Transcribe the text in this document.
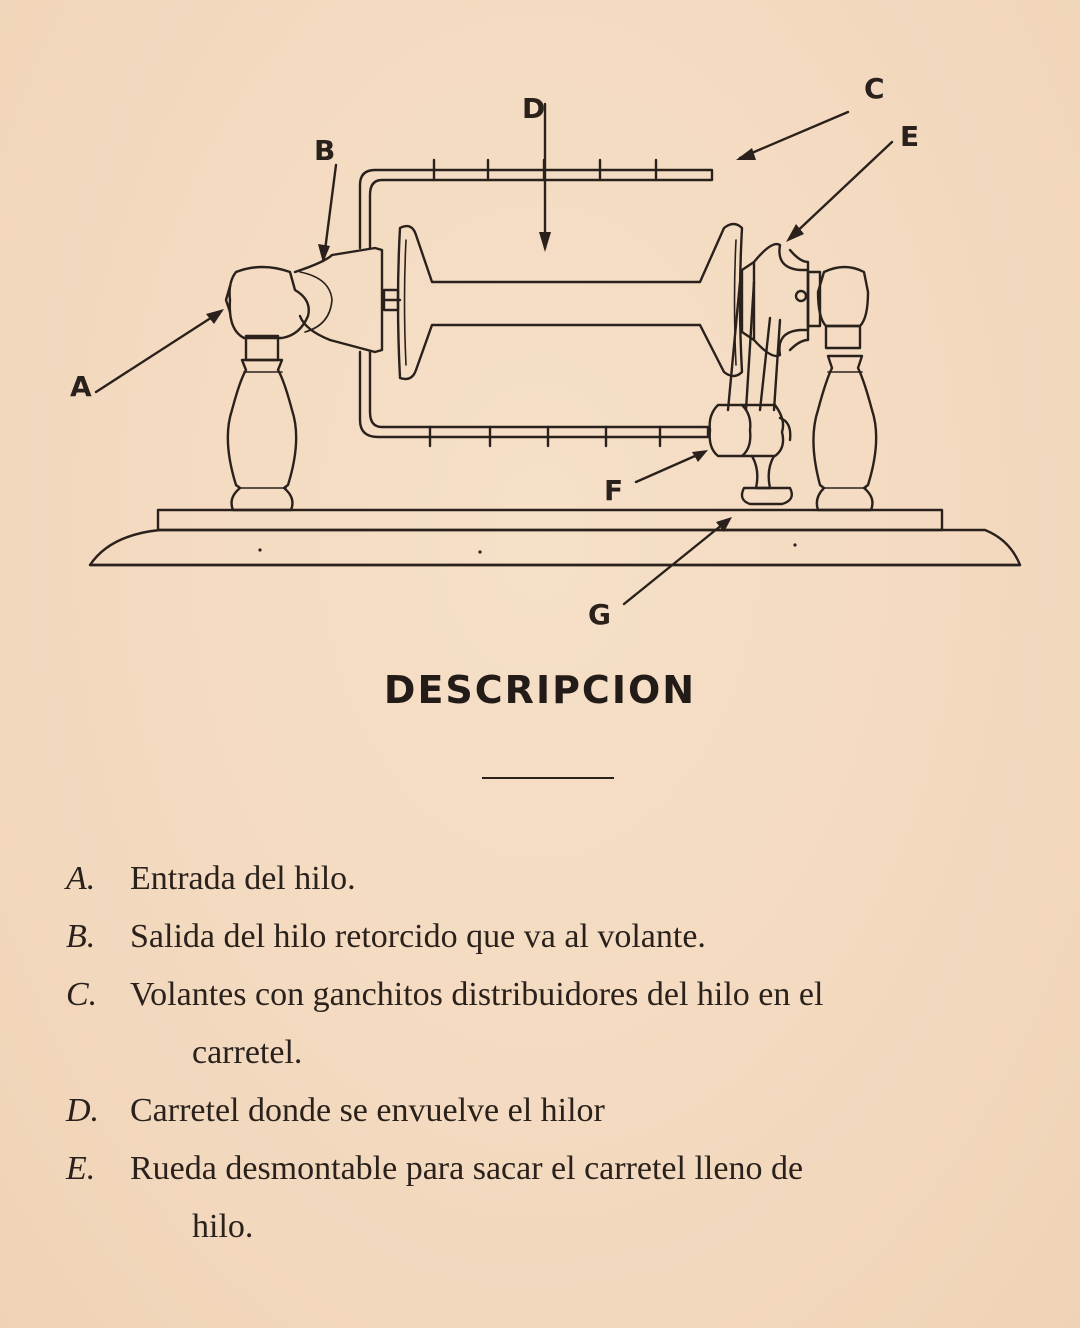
A
B
C
D
E
F
G
DESCRIPCION
A.	Entrada del hilo.
B.	Salida del hilo retorcido que va al volante.
C. Volantes con ganchitos distribuidores del hilo en el
carretel.
D. Carretel donde se envuelve el hilor
E.	Rueda desmontable para sacar el carretel lleno de
hilo.
